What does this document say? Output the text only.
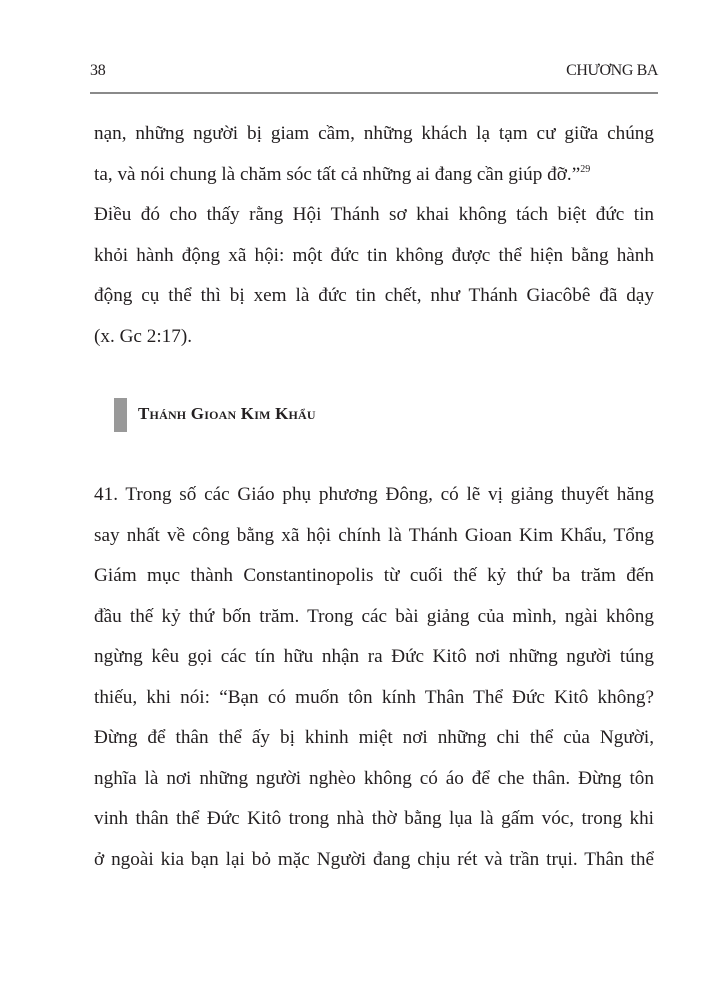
38	CHƯƠNG BA
nạn, những người bị giam cầm, những khách lạ tạm cư giữa chúng
ta, và nói chung là chăm sóc tất cả những ai đang cần giúp đỡ.”$^{29}$
Điều đó cho thấy rằng Hội Thánh sơ khai không tách biệt đức tin
khỏi hành động xã hội: một đức tin không được thể hiện bằng hành
động cụ thể thì bị xem là đức tin chết, như Thánh Giacôbê đã dạy
(x. Gc 2:17).
Thánh Gioan Kim Khẩu
41. Trong số các Giáo phụ phương Đông, có lẽ vị giảng thuyết hăng
say nhất về công bằng xã hội chính là Thánh Gioan Kim Khẩu, Tổng
Giám mục thành Constantinopolis từ cuối thế kỷ thứ ba trăm đến
đầu thế kỷ thứ bốn trăm. Trong các bài giảng của mình, ngài không
ngừng kêu gọi các tín hữu nhận ra Đức Kitô nơi những người túng
thiếu, khi nói: “Bạn có muốn tôn kính Thân Thể Đức Kitô không?
Đừng để thân thể ấy bị khinh miệt nơi những chi thể của Người,
nghĩa là nơi những người nghèo không có áo để che thân. Đừng tôn
vinh thân thể Đức Kitô trong nhà thờ bằng lụa là gấm vóc, trong khi
ở ngoài kia bạn lại bỏ mặc Người đang chịu rét và trần trụi. Thân thể
